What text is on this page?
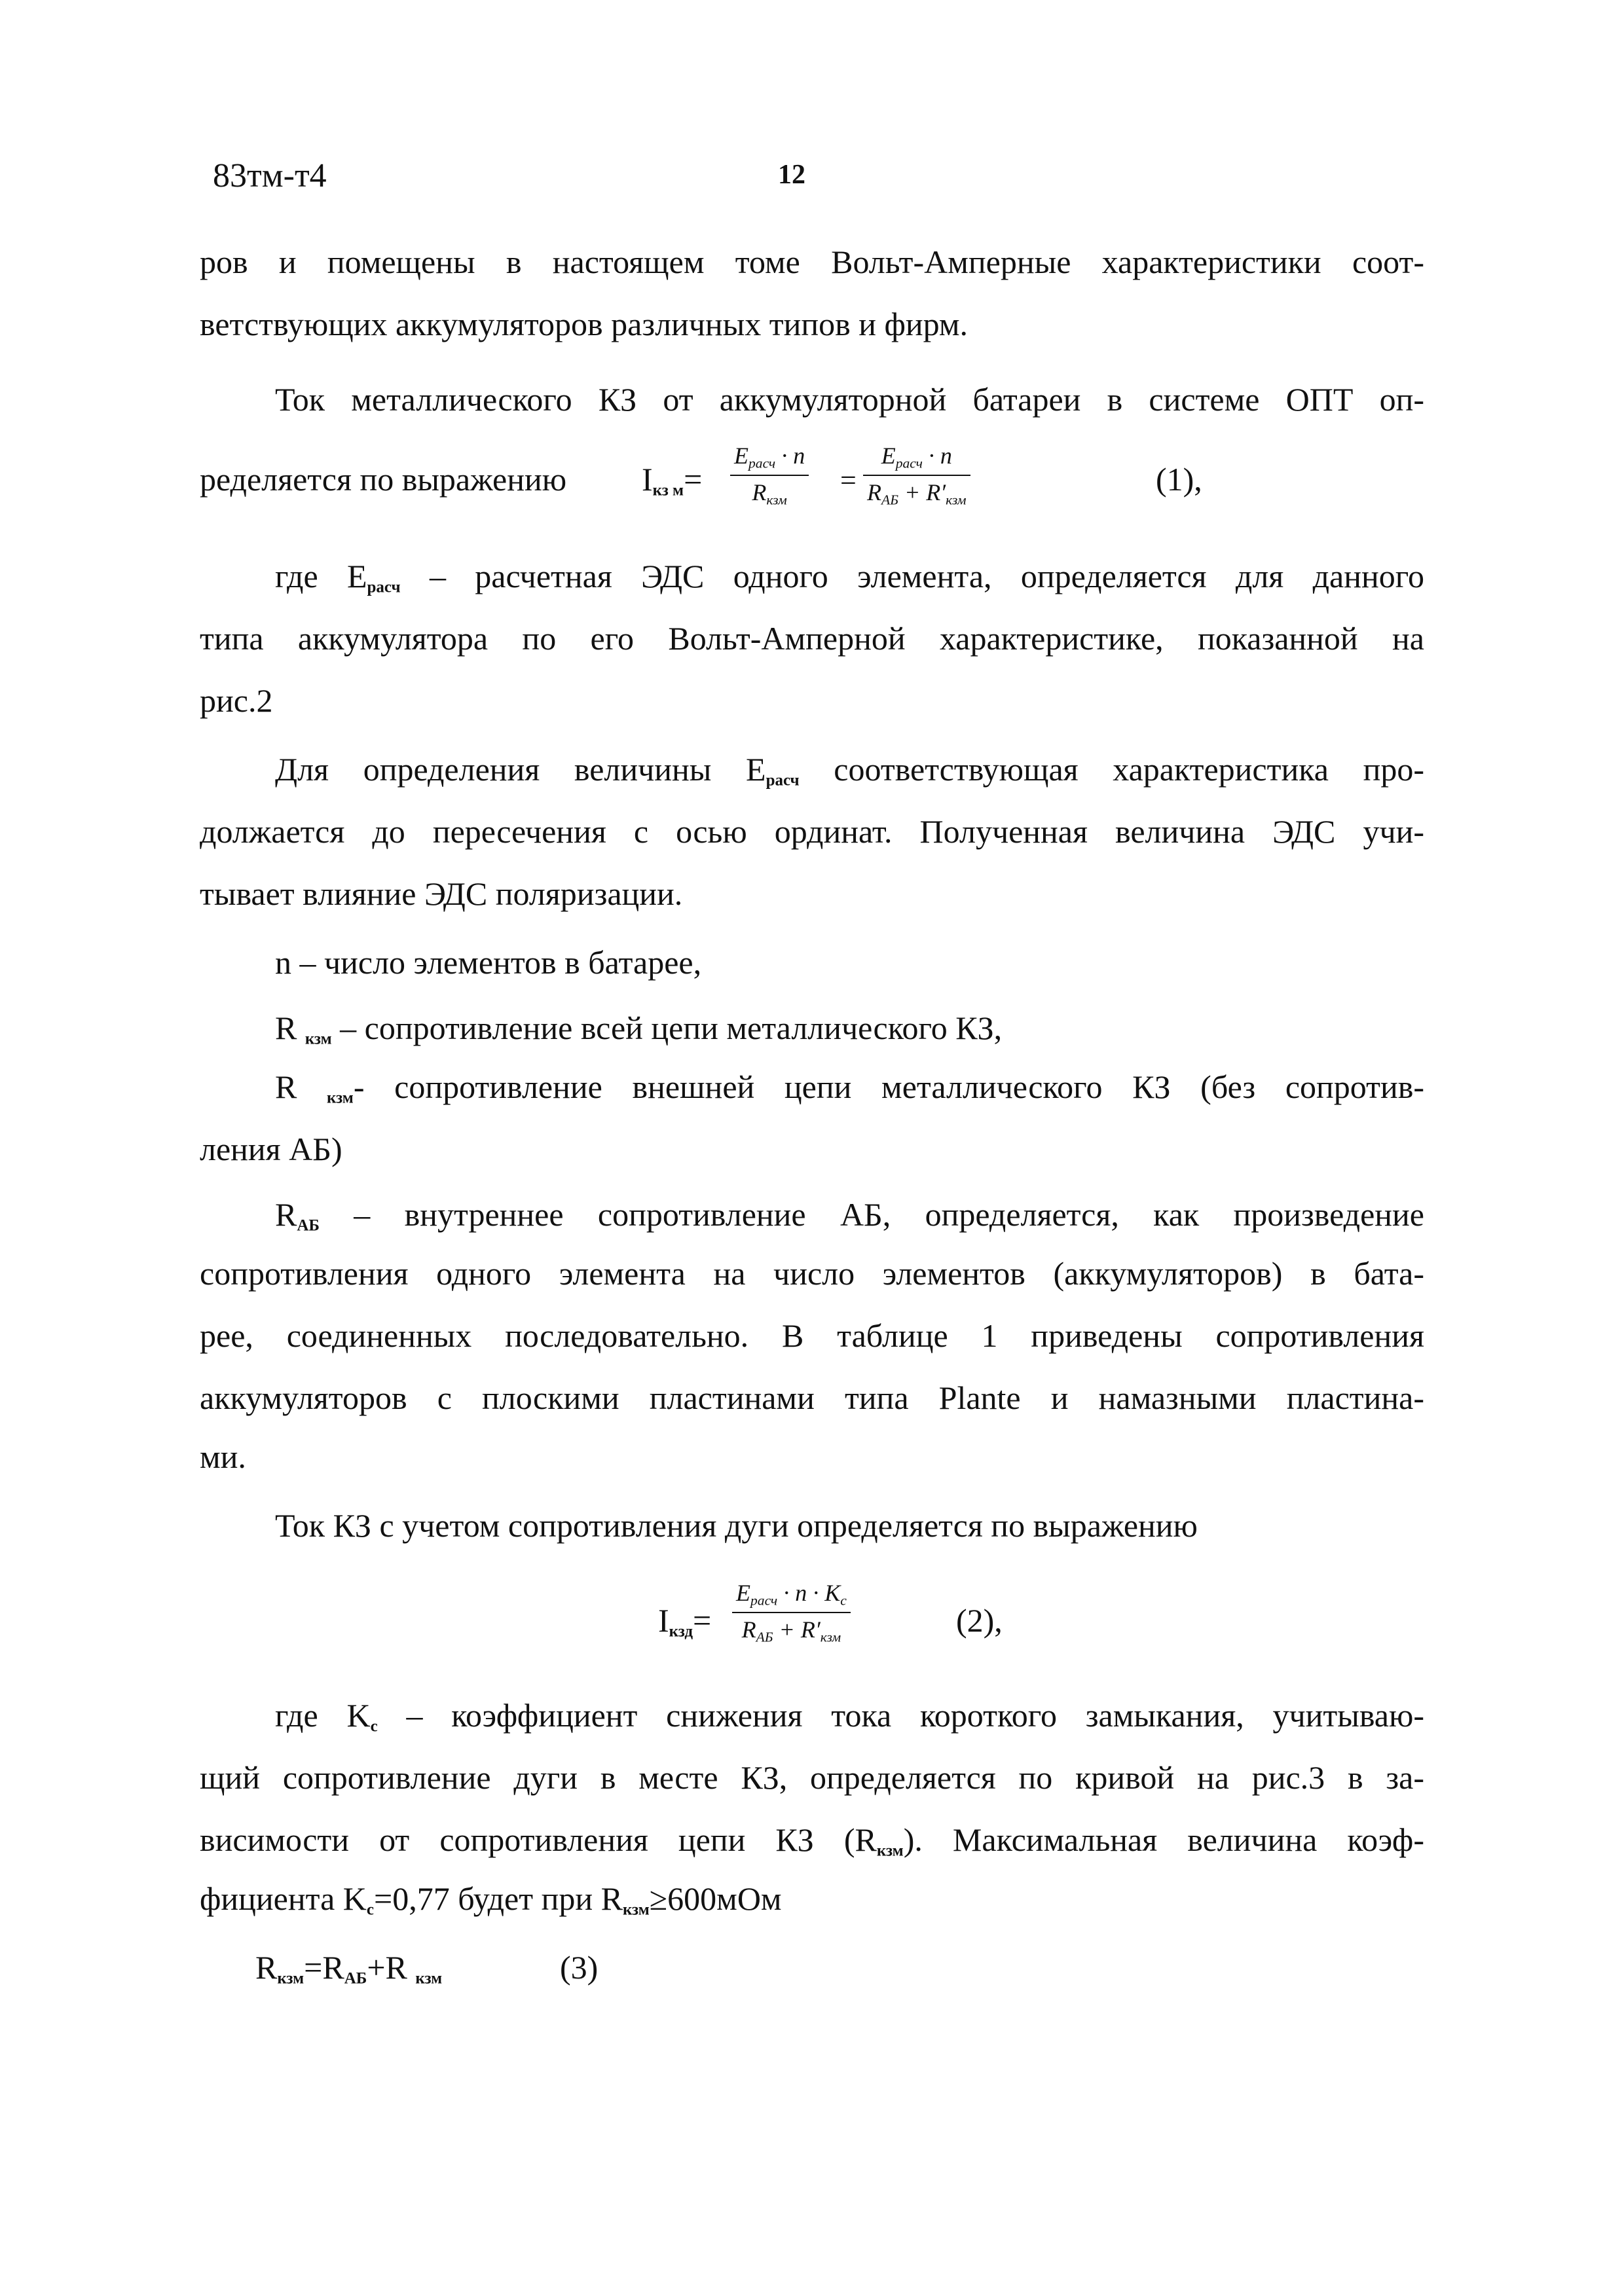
83тм-т4	12
ров и помещены в настоящем томе Вольт-Амперные характеристики соот-
ветствующих аккумуляторов различных типов и фирм.
Ток металлического КЗ от аккумуляторной батареи в системе ОПТ оп-
ределяется по выражению $I_{кз м}=$
$E_{расч} \cdot n$
$R_{кзм}$
=
$E_{расч} \cdot n$
$R_{АБ} + R'_{кзм}$
(1),
где $E_{расч}$ – расчетная ЭДС одного элемента, определяется для данного
типа аккумулятора по его Вольт-Амперной характеристике, показанной на
рис.2
Для определения величины $E_{расч}$ соответствующая характеристика про-
должается до пересечения с осью ординат. Полученная величина ЭДС учи-
тывает влияние ЭДС поляризации.
n – число элементов в батарее,
R $_{кзм}$ – сопротивление всей цепи металлического КЗ,
R $_{кзм}$- сопротивление внешней цепи металлического КЗ (без сопротив-
ления АБ)
$R_{АБ}$ – внутреннее сопротивление АБ, определяется, как произведение
сопротивления одного элемента на число элементов (аккумуляторов) в бата-
рее, соединенных последовательно. В таблице 1 приведены сопротивления
аккумуляторов с плоскими пластинами типа Plante и намазными пластина-
ми.
Ток КЗ с учетом сопротивления дуги определяется по выражению
$I_{кзд}=$
$E_{расч} \cdot n \cdot K_c$
$R_{АБ} + R'_{кзм}$	(2),
где $K_c$ – коэффициент снижения тока короткого замыкания, учитываю-
щий сопротивление дуги в месте КЗ, определяется по кривой на рис.3 в за-
висимости от сопротивления цепи КЗ $(R_{кзм})$. Максимальная величина коэф-
фициента $K_c=0,77$ будет при $R_{кзм}\ge 600мОм$
$R_{кзм}=R_{АБ}+R$ $_{кзм}$	(3)
